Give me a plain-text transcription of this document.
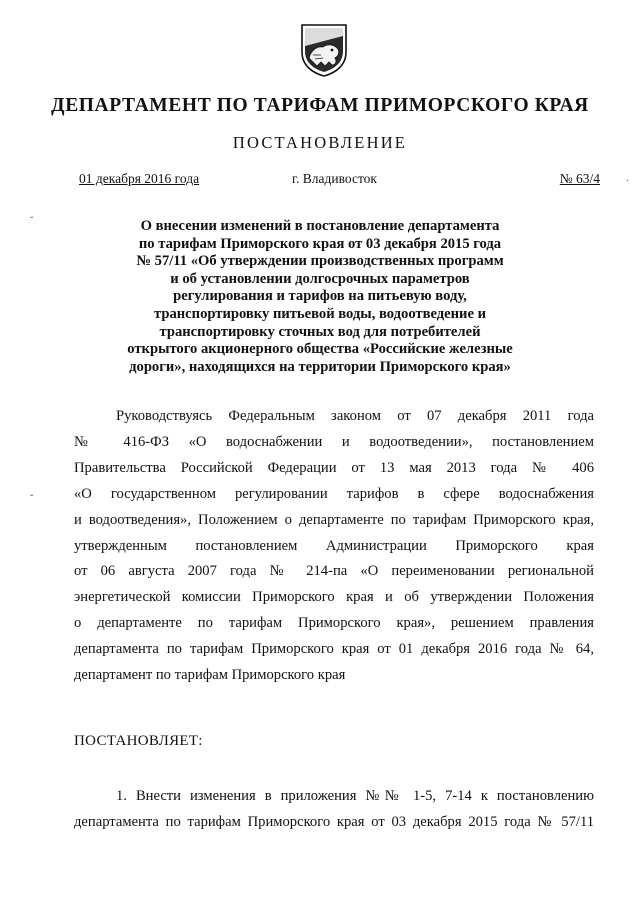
ДЕПАРТАМЕНТ ПО ТАРИФАМ ПРИМОРСКОГО КРАЯ
ПОСТАНОВЛЕНИЕ
01 декабря 2016 года	г. Владивосток	№ 63/4
ˇ
ˇ
·
О внесении изменений в постановление департамента
по тарифам Приморского края от 03 декабря 2015 года
№ 57/11 «Об утверждении производственных программ
и об установлении долгосрочных параметров
регулирования и тарифов на питьевую воду,
транспортировку питьевой воды, водоотведение и
транспортировку сточных вод для потребителей
открытого акционерного общества «Российские железные
дороги», находящихся на территории Приморского края»
Руководствуясь Федеральным законом от 07 декабря 2011 года
№ 416-ФЗ «О водоснабжении и водоотведении», постановлением
Правительства Российской Федерации от 13 мая 2013 года № 406
«О государственном регулировании тарифов в сфере водоснабжения
и водоотведения», Положением о департаменте по тарифам Приморского края,
утвержденным постановлением Администрации Приморского края
от 06 августа 2007 года № 214-па «О переименовании региональной
энергетической комиссии Приморского края и об утверждении Положения
о департаменте по тарифам Приморского края», решением правления
департамента по тарифам Приморского края от 01 декабря 2016 года № 64,
департамент по тарифам Приморского края
ПОСТАНОВЛЯЕТ:
1. Внести изменения в приложения №№ 1-5, 7-14 к постановлению
департамента по тарифам Приморского края от 03 декабря 2015 года № 57/11
